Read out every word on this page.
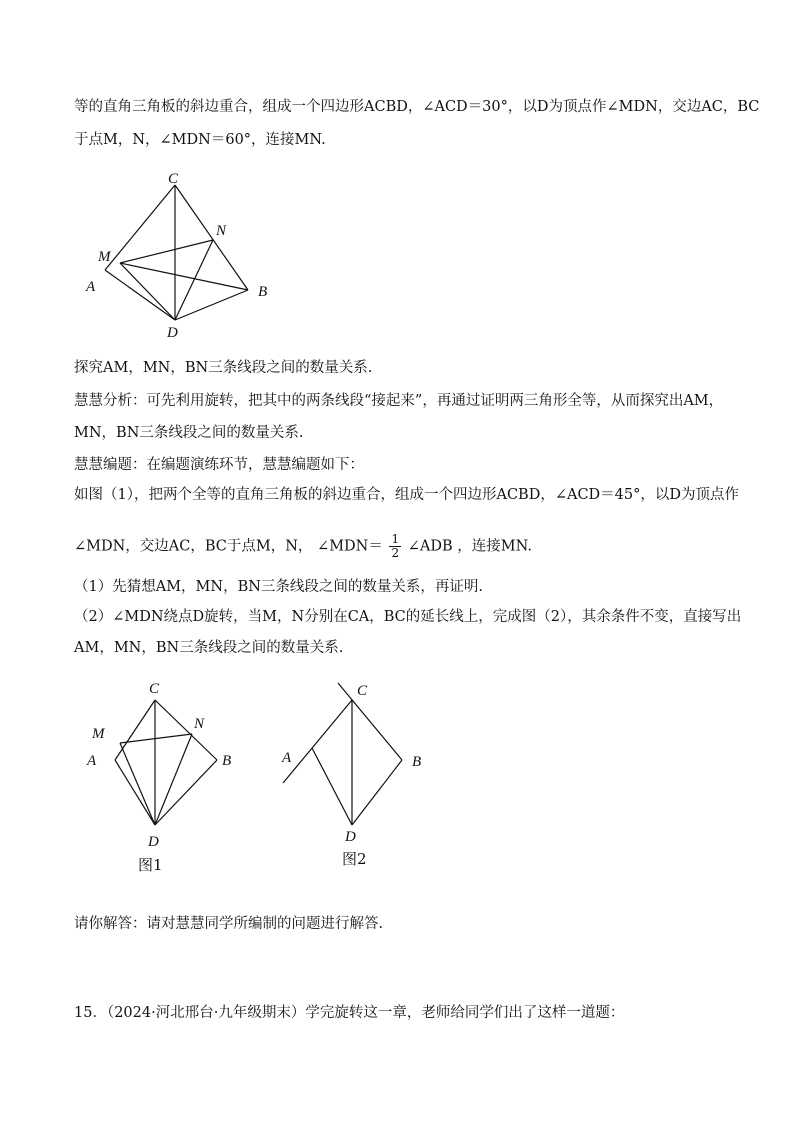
等的直角三角板的斜边重合，组成一个四边形ACBD，∠ACD＝30°，以D为顶点作∠MDN，交边AC，BC
于点M，N，∠MDN＝60°，连接MN.
C
N
M
A	B
D
探究AM，MN，BN三条线段之间的数量关系.
慧慧分析：可先利用旋转，把其中的两条线段“接起来”，再通过证明两三角形全等，从而探究出AM，
MN，BN三条线段之间的数量关系.
慧慧编题：在编题演练环节，慧慧编题如下：
如图（1），把两个全等的直角三角板的斜边重合，组成一个四边形ACBD，∠ACD＝45°，以D为顶点作
∠MDN，交边AC，BC于点M，N， ∠MDN＝ $\frac{1}{2}$ ∠ADB ，连接MN.
（1）先猜想AM，MN，BN三条线段之间的数量关系，再证明.
（2）∠MDN绕点D旋转，当M，N分别在CA，BC的延长线上，完成图（2），其余条件不变，直接写出
AM，MN，BN三条线段之间的数量关系.
C
M
N
A	B
D
图1
C
A	B
D
图2
请你解答：请对慧慧同学所编制的问题进行解答.
15．（2024·河北邢台·九年级期末）学完旋转这一章，老师给同学们出了这样一道题：
